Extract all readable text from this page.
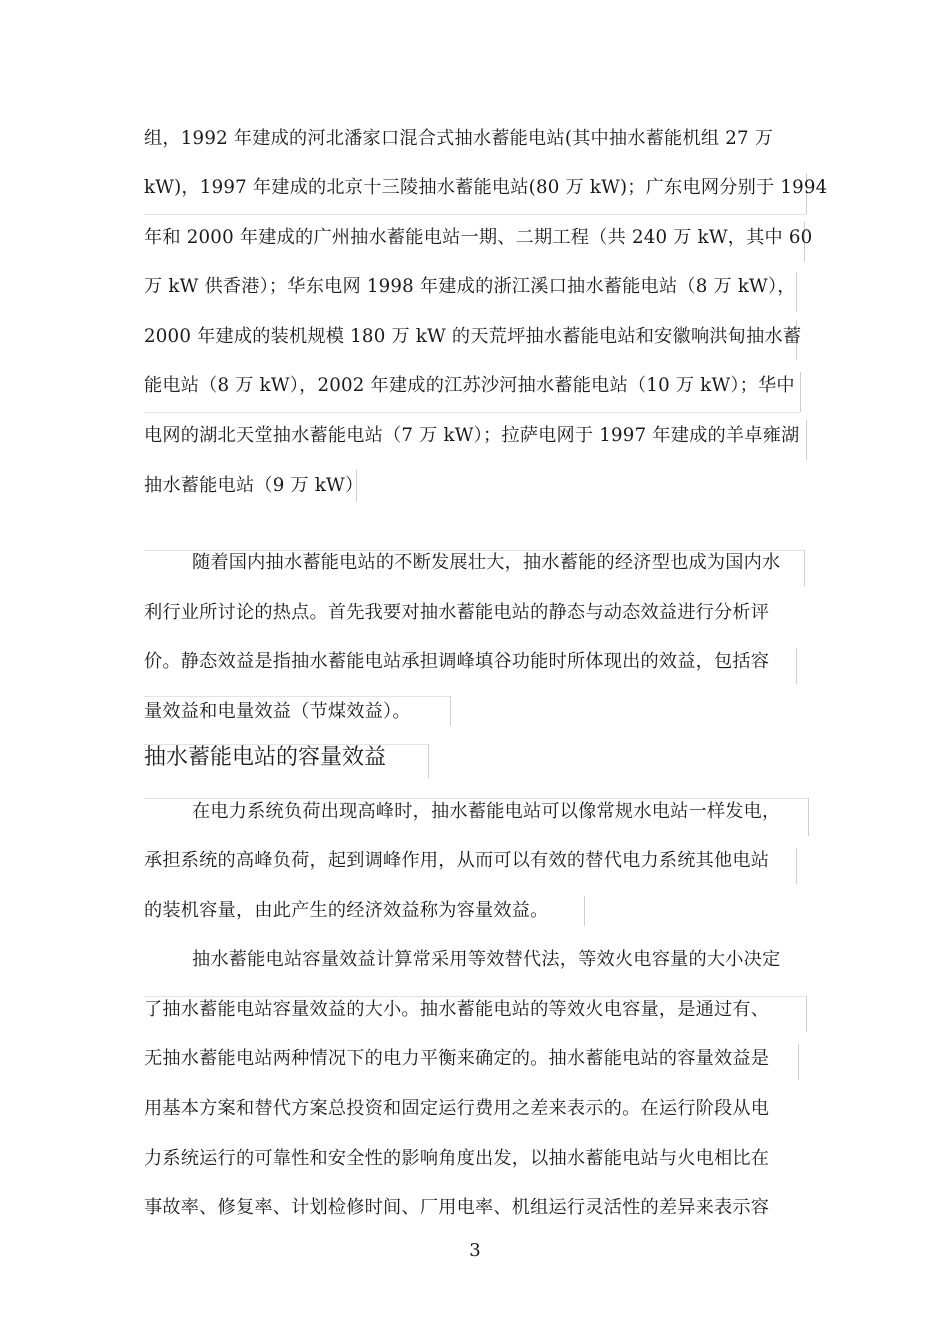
组，1992 年建成的河北潘家口混合式抽水蓄能电站(其中抽水蓄能机组 27 万
kW)，1997 年建成的北京十三陵抽水蓄能电站(80 万 kW)；广东电网分别于 1994
年和 2000 年建成的广州抽水蓄能电站一期、二期工程（共 240 万 kW，其中 60
万 kW 供香港）；华东电网 1998 年建成的浙江溪口抽水蓄能电站（8 万 kW），
2000 年建成的装机规模 180 万 kW 的天荒坪抽水蓄能电站和安徽响洪甸抽水蓄
能电站（8 万 kW），2002 年建成的江苏沙河抽水蓄能电站（10 万 kW）；华中
电网的湖北天堂抽水蓄能电站（7 万 kW）；拉萨电网于 1997 年建成的羊卓雍湖
抽水蓄能电站（9 万 kW）
随着国内抽水蓄能电站的不断发展壮大，抽水蓄能的经济型也成为国内水
利行业所讨论的热点。首先我要对抽水蓄能电站的静态与动态效益进行分析评
价。静态效益是指抽水蓄能电站承担调峰填谷功能时所体现出的效益，包括容
量效益和电量效益（节煤效益）。
抽水蓄能电站的容量效益
在电力系统负荷出现高峰时，抽水蓄能电站可以像常规水电站一样发电，
承担系统的高峰负荷，起到调峰作用，从而可以有效的替代电力系统其他电站
的装机容量，由此产生的经济效益称为容量效益。
抽水蓄能电站容量效益计算常采用等效替代法，等效火电容量的大小决定
了抽水蓄能电站容量效益的大小。抽水蓄能电站的等效火电容量，是通过有、
无抽水蓄能电站两种情况下的电力平衡来确定的。抽水蓄能电站的容量效益是
用基本方案和替代方案总投资和固定运行费用之差来表示的。在运行阶段从电
力系统运行的可靠性和安全性的影响角度出发，以抽水蓄能电站与火电相比在
事故率、修复率、计划检修时间、厂用电率、机组运行灵活性的差异来表示容
3
